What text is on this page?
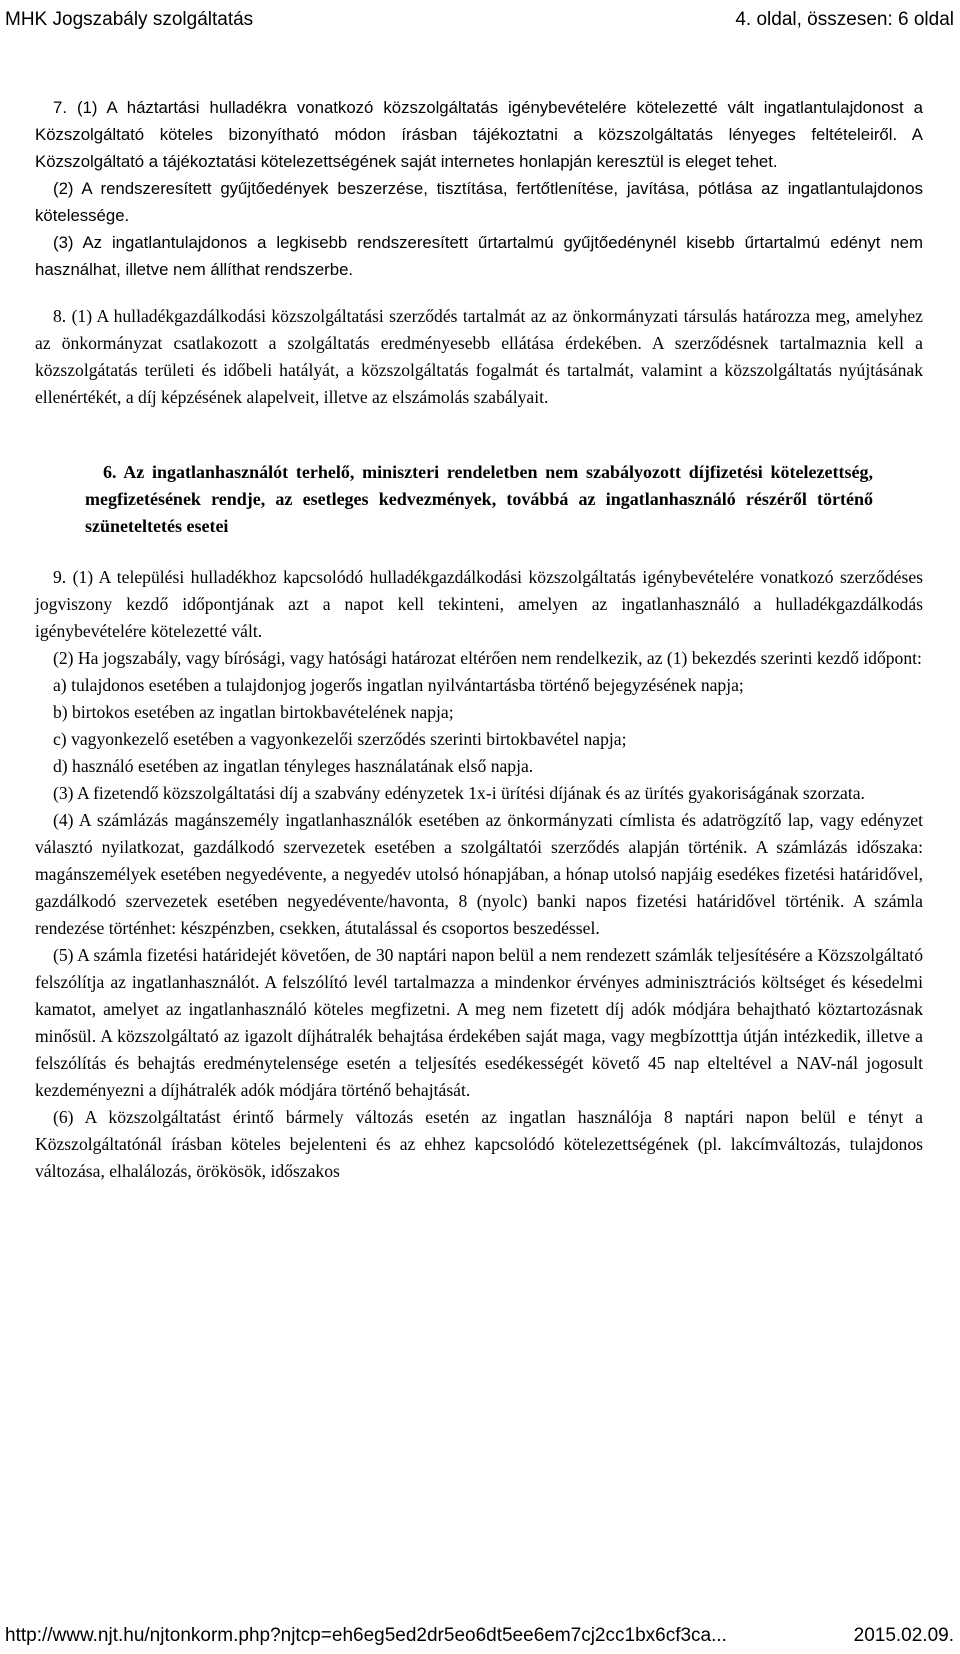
MHK Jogszabály szolgáltatás	4. oldal, összesen: 6 oldal

7. (1) A háztartási hulladékra vonatkozó közszolgáltatás igénybevételére kötelezetté vált ingatlantulajdonost a Közszolgáltató köteles bizonyítható módon írásban tájékoztatni a közszolgáltatás lényeges feltételeiről. A Közszolgáltató a tájékoztatási kötelezettségének saját internetes honlapján keresztül is eleget tehet.

(2) A rendszeresített gyűjtőedények beszerzése, tisztítása, fertőtlenítése, javítása, pótlása az ingatlantulajdonos kötelessége.

(3) Az ingatlantulajdonos a legkisebb rendszeresített űrtartalmú gyűjtőedénynél kisebb űrtartalmú edényt nem használhat, illetve nem állíthat rendszerbe.

8. (1) A hulladékgazdálkodási közszolgáltatási szerződés tartalmát az az önkormányzati társulás határozza meg, amelyhez az önkormányzat csatlakozott a szolgáltatás eredményesebb ellátása érdekében. A szerződésnek tartalmaznia kell a közszolgátatás területi és időbeli hatályát, a közszolgáltatás fogalmát és tartalmát, valamint a közszolgáltatás nyújtásának ellenértékét, a díj képzésének alapelveit, illetve az elszámolás szabályait.

6. Az ingatlanhasználót terhelő, miniszteri rendeletben nem szabályozott díjfizetési kötelezettség, megfizetésének rendje, az esetleges kedvezmények, továbbá az ingatlanhasználó részéről történő szüneteltetés esetei

9. (1) A települési hulladékhoz kapcsolódó hulladékgazdálkodási közszolgáltatás igénybevételére vonatkozó szerződéses jogviszony kezdő időpontjának azt a napot kell tekinteni, amelyen az ingatlanhasználó a hulladékgazdálkodás igénybevételére kötelezetté vált.

(2) Ha jogszabály, vagy bírósági, vagy hatósági határozat eltérően nem rendelkezik, az (1) bekezdés szerinti kezdő időpont:

a) tulajdonos esetében a tulajdonjog jogerős ingatlan nyilvántartásba történő bejegyzésének napja;

b) birtokos esetében az ingatlan birtokbavételének napja;

c) vagyonkezelő esetében a vagyonkezelői szerződés szerinti birtokbavétel napja;

d) használó esetében az ingatlan tényleges használatának első napja.

(3) A fizetendő közszolgáltatási díj a szabvány edényzetek 1x-i ürítési díjának és az ürítés gyakoriságának szorzata.

(4) A számlázás magánszemély ingatlanhasználók esetében az önkormányzati címlista és adatrögzítő lap, vagy edényzet választó nyilatkozat, gazdálkodó szervezetek esetében a szolgáltatói szerződés alapján történik. A számlázás időszaka: magánszemélyek esetében negyedévente, a negyedév utolsó hónapjában, a hónap utolsó napjáig esedékes fizetési határidővel, gazdálkodó szervezetek esetében negyedévente/havonta, 8 (nyolc) banki napos fizetési határidővel történik. A számla rendezése történhet: készpénzben, csekken, átutalással és csoportos beszedéssel.

(5) A számla fizetési határidejét követően, de 30 naptári napon belül a nem rendezett számlák teljesítésére a Közszolgáltató felszólítja az ingatlanhasználót. A felszólító levél tartalmazza a mindenkor érvényes adminisztrációs költséget és késedelmi kamatot, amelyet az ingatlanhasználó köteles megfizetni. A meg nem fizetett díj adók módjára behajtható köztartozásnak minősül. A közszolgáltató az igazolt díjhátralék behajtása érdekében saját maga, vagy megbízotttja útján intézkedik, illetve a felszólítás és behajtás eredménytelensége esetén a teljesítés esedékességét követő 45 nap elteltével a NAV-nál jogosult kezdeményezni a díjhátralék adók módjára történő behajtását.

(6) A közszolgáltatást érintő bármely változás esetén az ingatlan használója 8 naptári napon belül e tényt a Közszolgáltatónál írásban köteles bejelenteni és az ehhez kapcsolódó kötelezettségének (pl. lakcímváltozás, tulajdonos változása, elhalálozás, örökösök, időszakos

http://www.njt.hu/njtonkorm.php?njtcp=eh6eg5ed2dr5eo6dt5ee6em7cj2cc1bx6cf3ca...	2015.02.09.
